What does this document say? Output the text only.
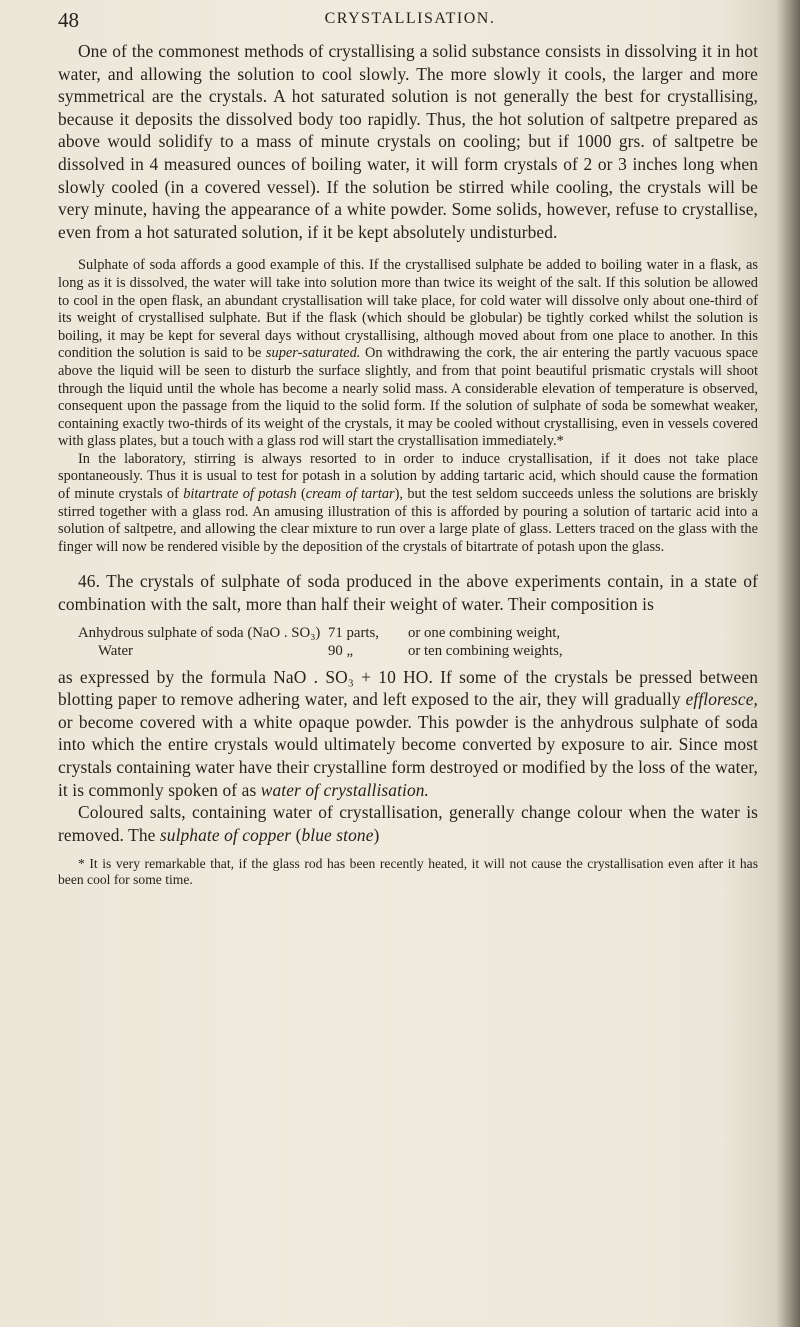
48	CRYSTALLISATION.

One of the commonest methods of crystallising a solid substance consists in dissolving it in hot water, and allowing the solution to cool slowly. The more slowly it cools, the larger and more symmetrical are the crystals. A hot saturated solution is not generally the best for crystallising, because it deposits the dissolved body too rapidly. Thus, the hot solution of saltpetre prepared as above would solidify to a mass of minute crystals on cooling; but if 1000 grs. of saltpetre be dissolved in 4 measured ounces of boiling water, it will form crystals of 2 or 3 inches long when slowly cooled (in a covered vessel). If the solution be stirred while cooling, the crystals will be very minute, having the appearance of a white powder. Some solids, however, refuse to crystallise, even from a hot saturated solution, if it be kept absolutely undisturbed.

Sulphate of soda affords a good example of this. If the crystallised sulphate be added to boiling water in a flask, as long as it is dissolved, the water will take into solution more than twice its weight of the salt. If this solution be allowed to cool in the open flask, an abundant crystallisation will take place, for cold water will dissolve only about one-third of its weight of crystallised sulphate. But if the flask (which should be globular) be tightly corked whilst the solution is boiling, it may be kept for several days without crystallising, although moved about from one place to another. In this condition the solution is said to be super-saturated. On withdrawing the cork, the air entering the partly vacuous space above the liquid will be seen to disturb the surface slightly, and from that point beautiful prismatic crystals will shoot through the liquid until the whole has become a nearly solid mass. A considerable elevation of temperature is observed, consequent upon the passage from the liquid to the solid form. If the solution of sulphate of soda be somewhat weaker, containing exactly two-thirds of its weight of the crystals, it may be cooled without crystallising, even in vessels covered with glass plates, but a touch with a glass rod will start the crystallisation immediately.*

In the laboratory, stirring is always resorted to in order to induce crystallisation, if it does not take place spontaneously. Thus it is usual to test for potash in a solution by adding tartaric acid, which should cause the formation of minute crystals of bitartrate of potash (cream of tartar), but the test seldom succeeds unless the solutions are briskly stirred together with a glass rod. An amusing illustration of this is afforded by pouring a solution of tartaric acid into a solution of saltpetre, and allowing the clear mixture to run over a large plate of glass. Letters traced on the glass with the finger will now be rendered visible by the deposition of the crystals of bitartrate of potash upon the glass.

46. The crystals of sulphate of soda produced in the above experiments contain, in a state of combination with the salt, more than half their weight of water. Their composition is

Anhydrous sulphate of soda (NaO . SO₃) 71 parts,	or one combining weight,
Water	90 „	or ten combining weights,

as expressed by the formula NaO . SO₃ + 10 HO. If some of the crystals be pressed between blotting paper to remove adhering water, and left exposed to the air, they will gradually effloresce, or become covered with a white opaque powder. This powder is the anhydrous sulphate of soda into which the entire crystals would ultimately become converted by exposure to air. Since most crystals containing water have their crystalline form destroyed or modified by the loss of the water, it is commonly spoken of as water of crystallisation.

Coloured salts, containing water of crystallisation, generally change colour when the water is removed. The sulphate of copper (blue stone)

* It is very remarkable that, if the glass rod has been recently heated, it will not cause the crystallisation even after it has been cool for some time.
